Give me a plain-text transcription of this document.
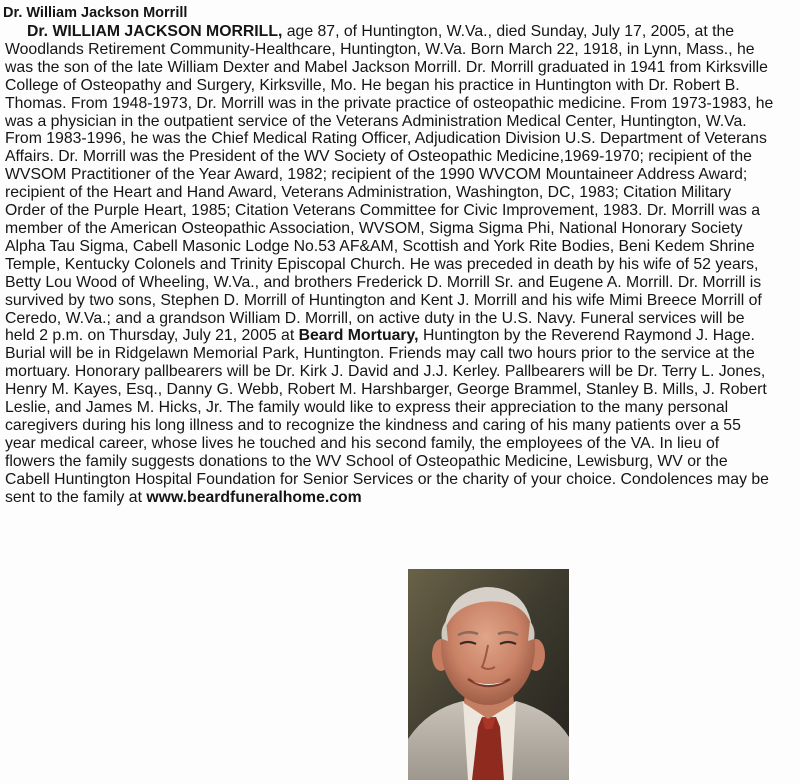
Dr. William Jackson Morrill
Dr. WILLIAM JACKSON MORRILL, age 87, of Huntington, W.Va., died Sunday, July 17, 2005, at the
Woodlands Retirement Community-Healthcare, Huntington, W.Va. Born March 22, 1918, in Lynn, Mass., he
was the son of the late William Dexter and Mabel Jackson Morrill. Dr. Morrill graduated in 1941 from Kirksville
College of Osteopathy and Surgery, Kirksville, Mo. He began his practice in Huntington with Dr. Robert B.
Thomas. From 1948-1973, Dr. Morrill was in the private practice of osteopathic medicine. From 1973-1983, he
was a physician in the outpatient service of the Veterans Administration Medical Center, Huntington, W.Va.
From 1983-1996, he was the Chief Medical Rating Officer, Adjudication Division U.S. Department of Veterans
Affairs. Dr. Morrill was the President of the WV Society of Osteopathic Medicine,1969-1970; recipient of the
WVSOM Practitioner of the Year Award, 1982; recipient of the 1990 WVCOM Mountaineer Address Award;
recipient of the Heart and Hand Award, Veterans Administration, Washington, DC, 1983; Citation Military
Order of the Purple Heart, 1985; Citation Veterans Committee for Civic Improvement, 1983. Dr. Morrill was a
member of the American Osteopathic Association, WVSOM, Sigma Sigma Phi, National Honorary Society
Alpha Tau Sigma, Cabell Masonic Lodge No.53 AF&AM, Scottish and York Rite Bodies, Beni Kedem Shrine
Temple, Kentucky Colonels and Trinity Episcopal Church. He was preceded in death by his wife of 52 years,
Betty Lou Wood of Wheeling, W.Va., and brothers Frederick D. Morrill Sr. and Eugene A. Morrill. Dr. Morrill is
survived by two sons, Stephen D. Morrill of Huntington and Kent J. Morrill and his wife Mimi Breece Morrill of
Ceredo, W.Va.; and a grandson William D. Morrill, on active duty in the U.S. Navy. Funeral services will be
held 2 p.m. on Thursday, July 21, 2005 at Beard Mortuary, Huntington by the Reverend Raymond J. Hage.
Burial will be in Ridgelawn Memorial Park, Huntington. Friends may call two hours prior to the service at the
mortuary. Honorary pallbearers will be Dr. Kirk J. David and J.J. Kerley. Pallbearers will be Dr. Terry L. Jones,
Henry M. Kayes, Esq., Danny G. Webb, Robert M. Harshbarger, George Brammel, Stanley B. Mills, J. Robert
Leslie, and James M. Hicks, Jr. The family would like to express their appreciation to the many personal
caregivers during his long illness and to recognize the kindness and caring of his many patients over a 55
year medical career, whose lives he touched and his second family, the employees of the VA. In lieu of
flowers the family suggests donations to the WV School of Osteopathic Medicine, Lewisburg, WV or the
Cabell Huntington Hospital Foundation for Senior Services or the charity of your choice. Condolences may be
sent to the family at www.beardfuneralhome.com
